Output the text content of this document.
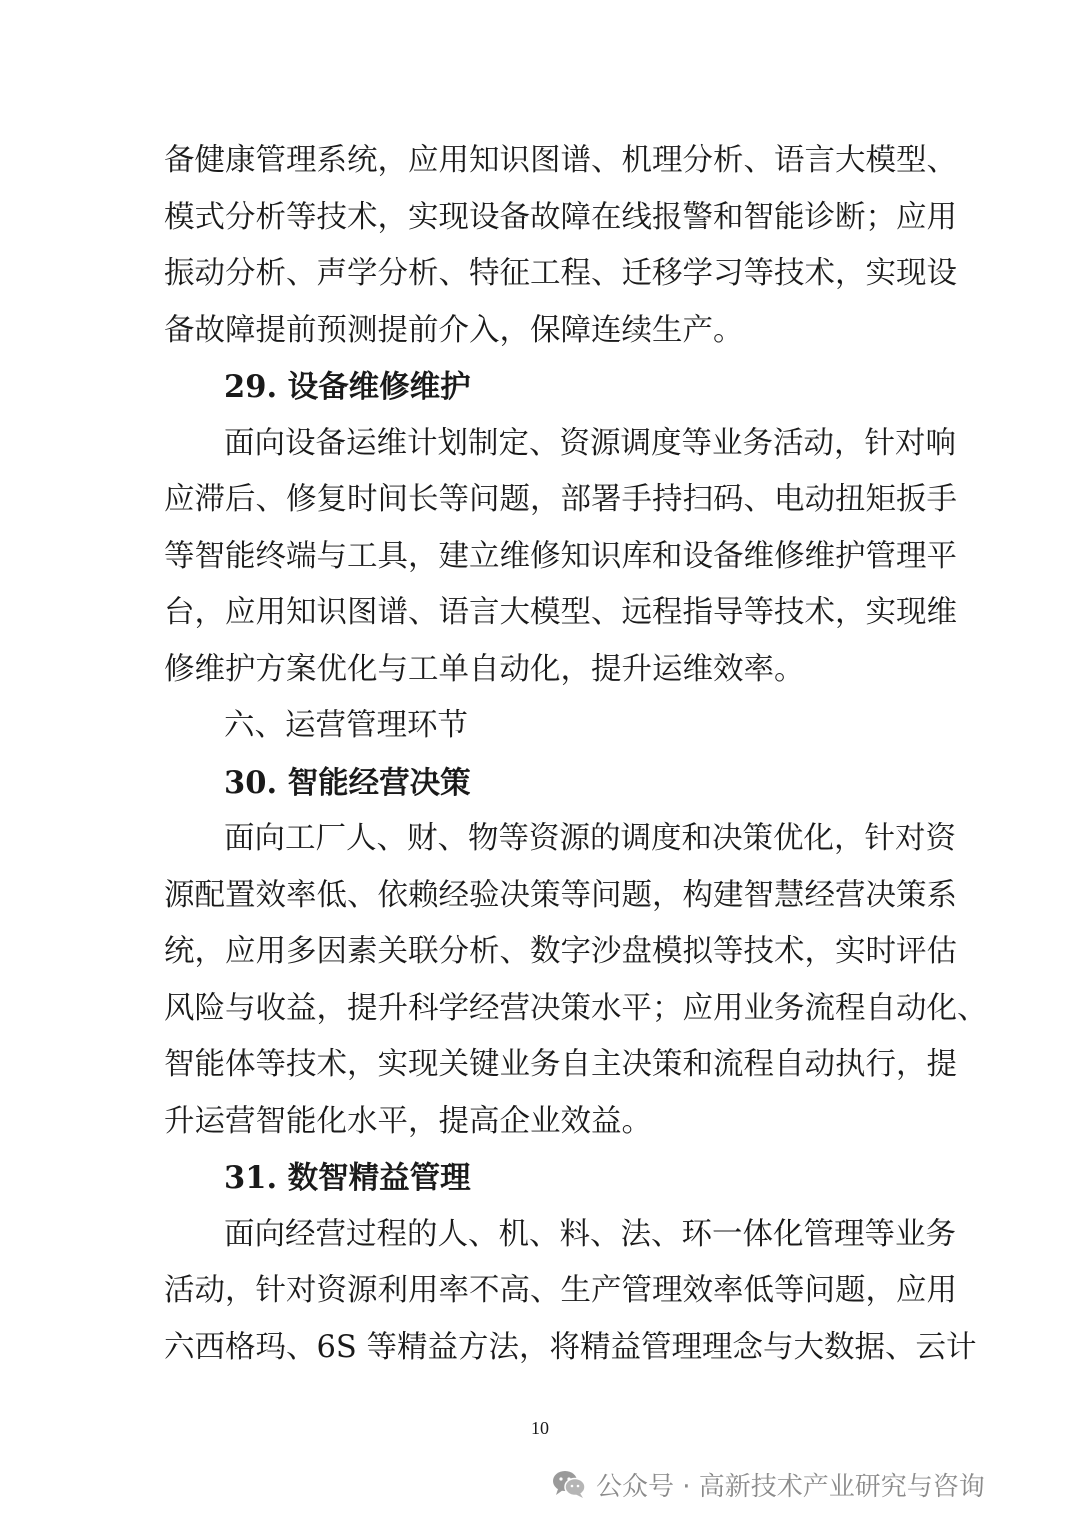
备健康管理系统，应用知识图谱、机理分析、语言大模型、
模式分析等技术，实现设备故障在线报警和智能诊断；应用
振动分析、声学分析、特征工程、迁移学习等技术，实现设
备故障提前预测提前介入，保障连续生产。
29. 设备维修维护
面向设备运维计划制定、资源调度等业务活动，针对响
应滞后、修复时间长等问题，部署手持扫码、电动扭矩扳手
等智能终端与工具，建立维修知识库和设备维修维护管理平
台，应用知识图谱、语言大模型、远程指导等技术，实现维
修维护方案优化与工单自动化，提升运维效率。
六、运营管理环节
30. 智能经营决策
面向工厂人、财、物等资源的调度和决策优化，针对资
源配置效率低、依赖经验决策等问题，构建智慧经营决策系
统，应用多因素关联分析、数字沙盘模拟等技术，实时评估
风险与收益，提升科学经营决策水平；应用业务流程自动化、
智能体等技术，实现关键业务自主决策和流程自动执行，提
升运营智能化水平，提高企业效益。
31. 数智精益管理
面向经营过程的人、机、料、法、环一体化管理等业务
活动，针对资源利用率不高、生产管理效率低等问题，应用
六西格玛、6S 等精益方法，将精益管理理念与大数据、云计
10
公众号 · 高新技术产业研究与咨询
